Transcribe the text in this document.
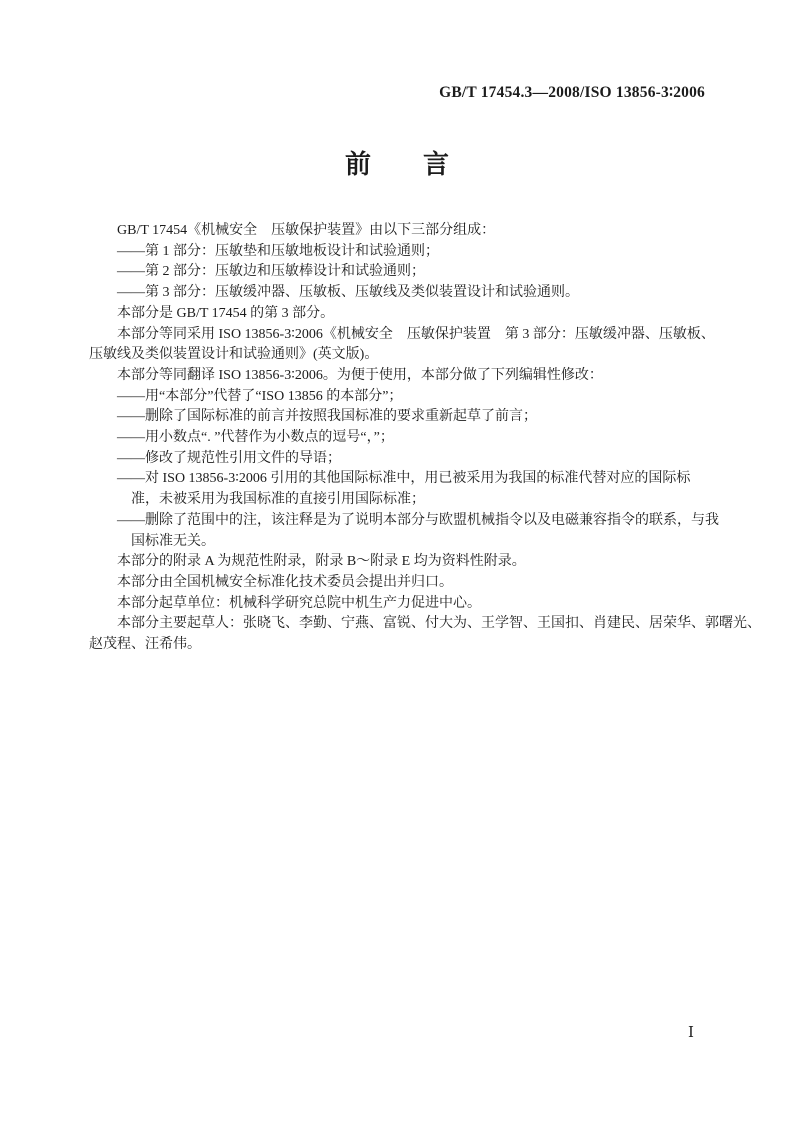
GB/T 17454.3—2008/ISO 13856-3∶2006
前　　言

GB/T 17454《机械安全　压敏保护装置》由以下三部分组成：

——第 1 部分：压敏垫和压敏地板设计和试验通则；

——第 2 部分：压敏边和压敏棒设计和试验通则；

——第 3 部分：压敏缓冲器、压敏板、压敏线及类似装置设计和试验通则。

本部分是 GB/T 17454 的第 3 部分。

本部分等同采用 ISO 13856-3∶2006《机械安全　压敏保护装置　第 3 部分：压敏缓冲器、压敏板、

压敏线及类似装置设计和试验通则》(英文版)。

本部分等同翻译 ISO 13856-3∶2006。为便于使用，本部分做了下列编辑性修改：

——用“本部分”代替了“ISO 13856 的本部分”；

——删除了国际标准的前言并按照我国标准的要求重新起草了前言；

——用小数点“. ”代替作为小数点的逗号“，”；

——修改了规范性引用文件的导语；

——对 ISO 13856-3∶2006 引用的其他国际标准中，用已被采用为我国的标准代替对应的国际标

准，未被采用为我国标准的直接引用国际标准；

——删除了范围中的注，该注释是为了说明本部分与欧盟机械指令以及电磁兼容指令的联系，与我

国标准无关。

本部分的附录 A 为规范性附录，附录 B～附录 E 均为资料性附录。

本部分由全国机械安全标准化技术委员会提出并归口。

本部分起草单位：机械科学研究总院中机生产力促进中心。

本部分主要起草人：张晓飞、李勤、宁燕、富锐、付大为、王学智、王国扣、肖建民、居荣华、郭曙光、

赵茂程、汪希伟。

Ⅰ
